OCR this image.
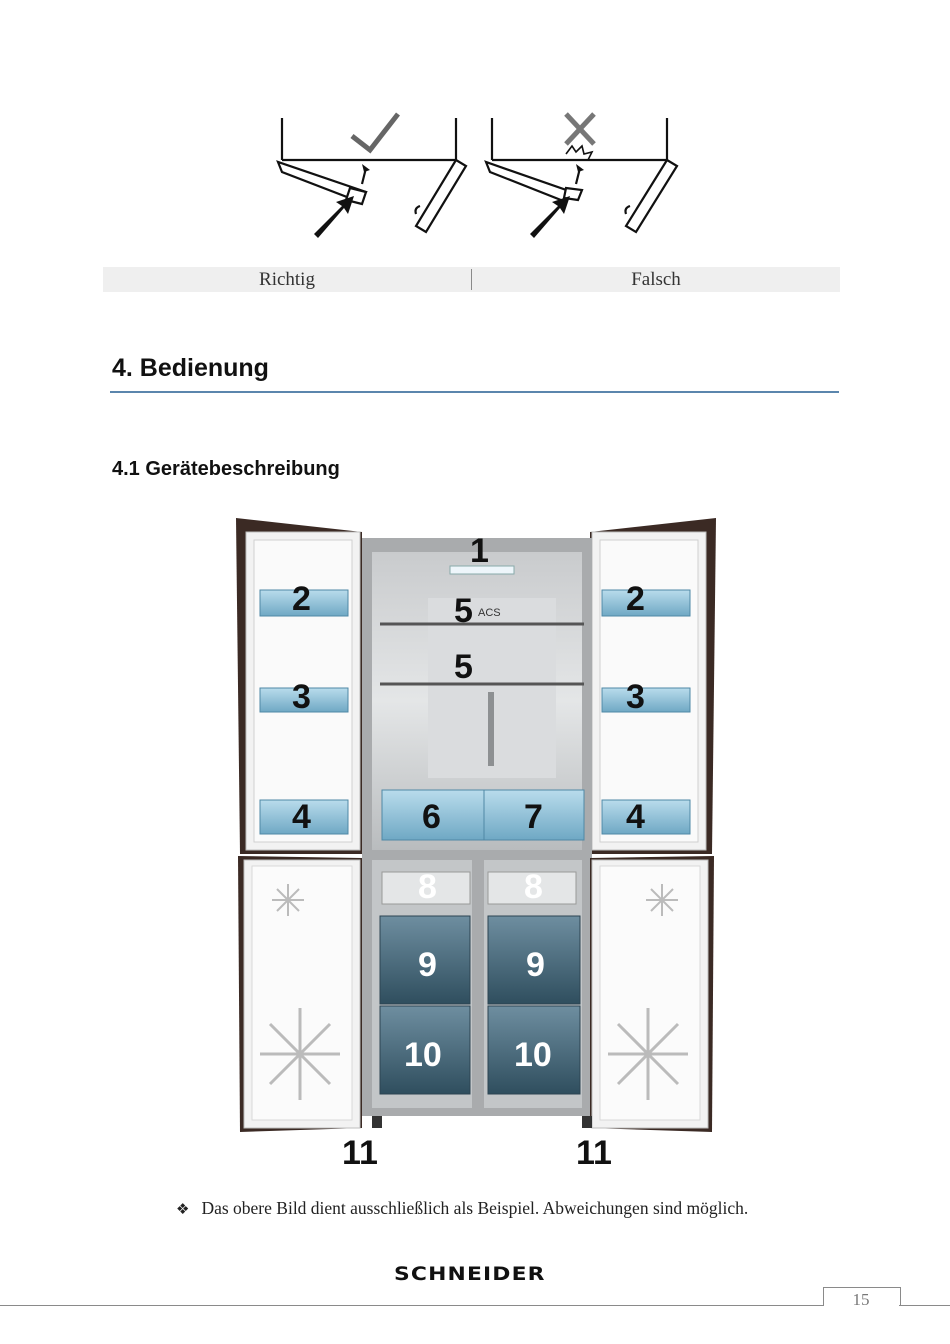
Richtig	Falsch
4. Bedienung
4.1 Gerätebeschreibung
ACS
1
2	2
3	3
4	4
5
5
6 7
8	8
9	9
10 10
11	11
❖ Das obere Bild dient ausschließlich als Beispiel. Abweichungen sind möglich.
SCHNEIDER
15
